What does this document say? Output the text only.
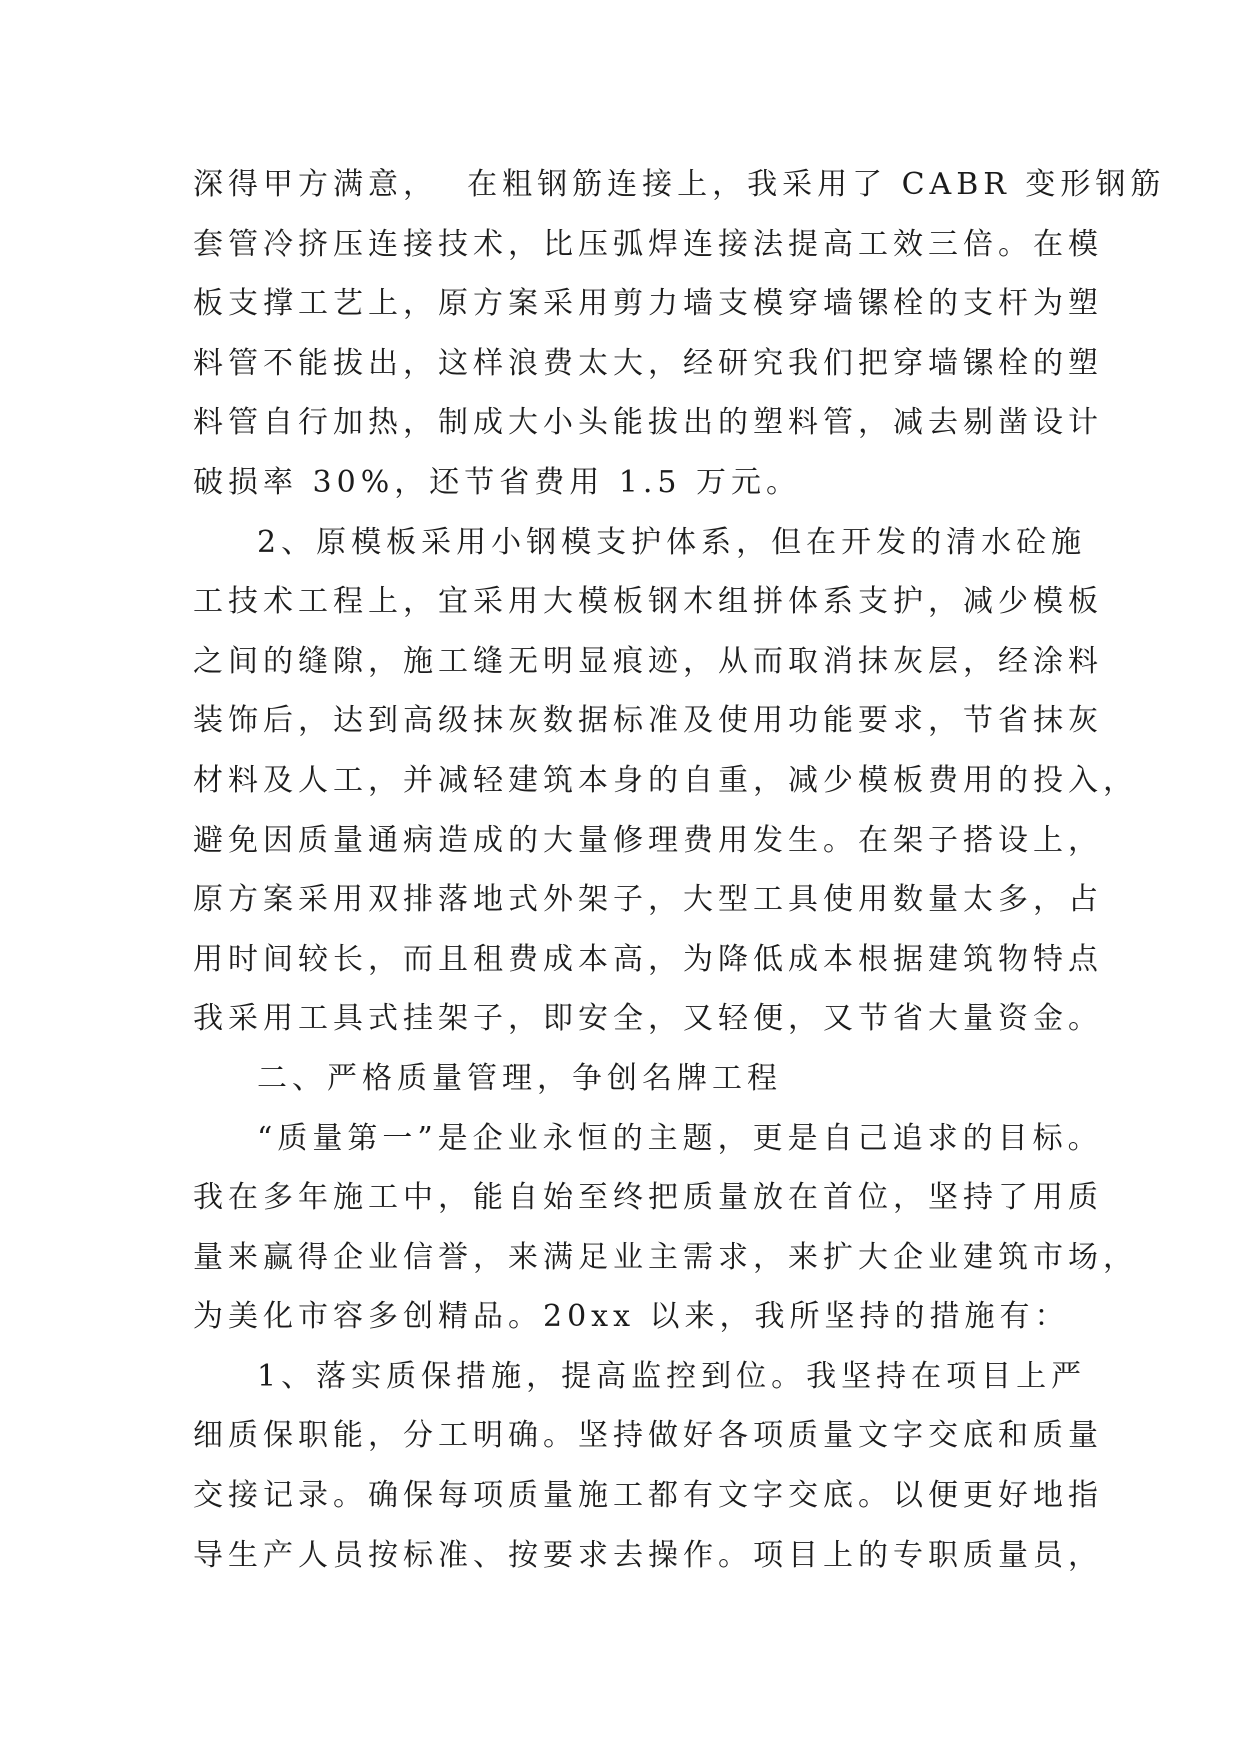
深得甲方满意，  在粗钢筋连接上，我采用了 CABR 变形钢筋
套管冷挤压连接技术，比压弧焊连接法提高工效三倍。在模
板支撑工艺上，原方案采用剪力墙支模穿墙镙栓的支杆为塑
料管不能拔出，这样浪费太大，经研究我们把穿墙镙栓的塑
料管自行加热，制成大小头能拔出的塑料管，减去剔凿设计
破损率 30%，还节省费用 1.5 万元。
2、原模板采用小钢模支护体系，但在开发的清水砼施
工技术工程上，宜采用大模板钢木组拼体系支护，减少模板
之间的缝隙，施工缝无明显痕迹，从而取消抹灰层，经涂料
装饰后，达到高级抹灰数据标准及使用功能要求，节省抹灰
材料及人工，并减轻建筑本身的自重，减少模板费用的投入，
避免因质量通病造成的大量修理费用发生。在架子搭设上，
原方案采用双排落地式外架子，大型工具使用数量太多，占
用时间较长，而且租费成本高，为降低成本根据建筑物特点
我采用工具式挂架子，即安全，又轻便，又节省大量资金。
二、严格质量管理，争创名牌工程
“质量第一”是企业永恒的主题，更是自己追求的目标。
我在多年施工中，能自始至终把质量放在首位，坚持了用质
量来赢得企业信誉，来满足业主需求，来扩大企业建筑市场，
为美化市容多创精品。20xx 以来，我所坚持的措施有：
1、落实质保措施，提高监控到位。我坚持在项目上严
细质保职能，分工明确。坚持做好各项质量文字交底和质量
交接记录。确保每项质量施工都有文字交底。以便更好地指
导生产人员按标准、按要求去操作。项目上的专职质量员，
